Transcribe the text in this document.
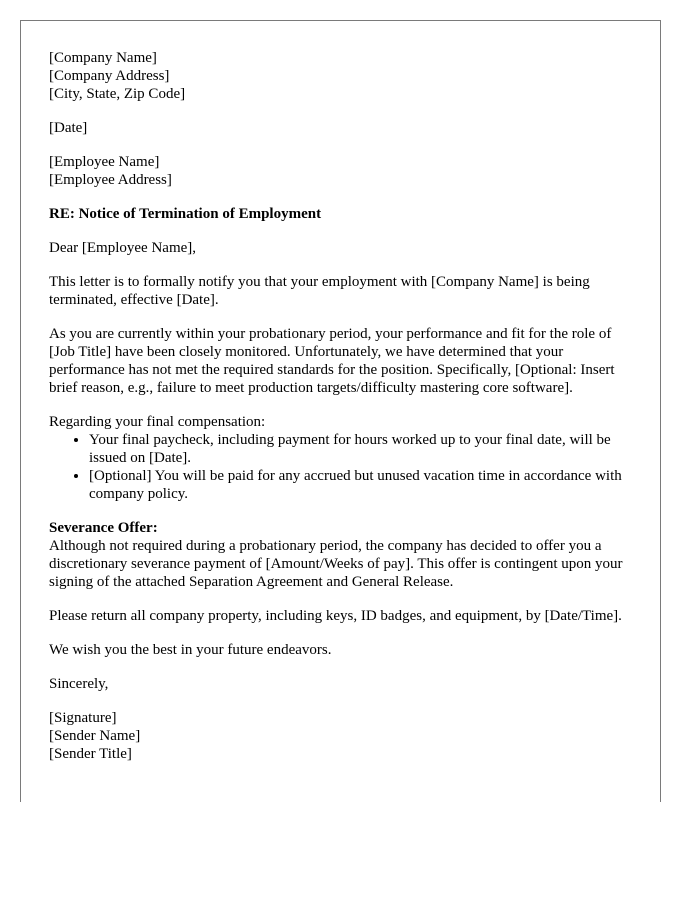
[Company Name]
[Company Address]
[City, State, Zip Code]
[Date]
[Employee Name]
[Employee Address]
RE: Notice of Termination of Employment
Dear [Employee Name],
This letter is to formally notify you that your employment with [Company Name] is being terminated, effective [Date].
As you are currently within your probationary period, your performance and fit for the role of [Job Title] have been closely monitored. Unfortunately, we have determined that your performance has not met the required standards for the position. Specifically, [Optional: Insert brief reason, e.g., failure to meet production targets/difficulty mastering core software].
Regarding your final compensation:
• Your final paycheck, including payment for hours worked up to your final date, will be issued on [Date].
• [Optional] You will be paid for any accrued but unused vacation time in accordance with company policy.
Severance Offer:
Although not required during a probationary period, the company has decided to offer you a discretionary severance payment of [Amount/Weeks of pay]. This offer is contingent upon your signing of the attached Separation Agreement and General Release.
Please return all company property, including keys, ID badges, and equipment, by [Date/Time].
We wish you the best in your future endeavors.
Sincerely,
[Signature]
[Sender Name]
[Sender Title]
